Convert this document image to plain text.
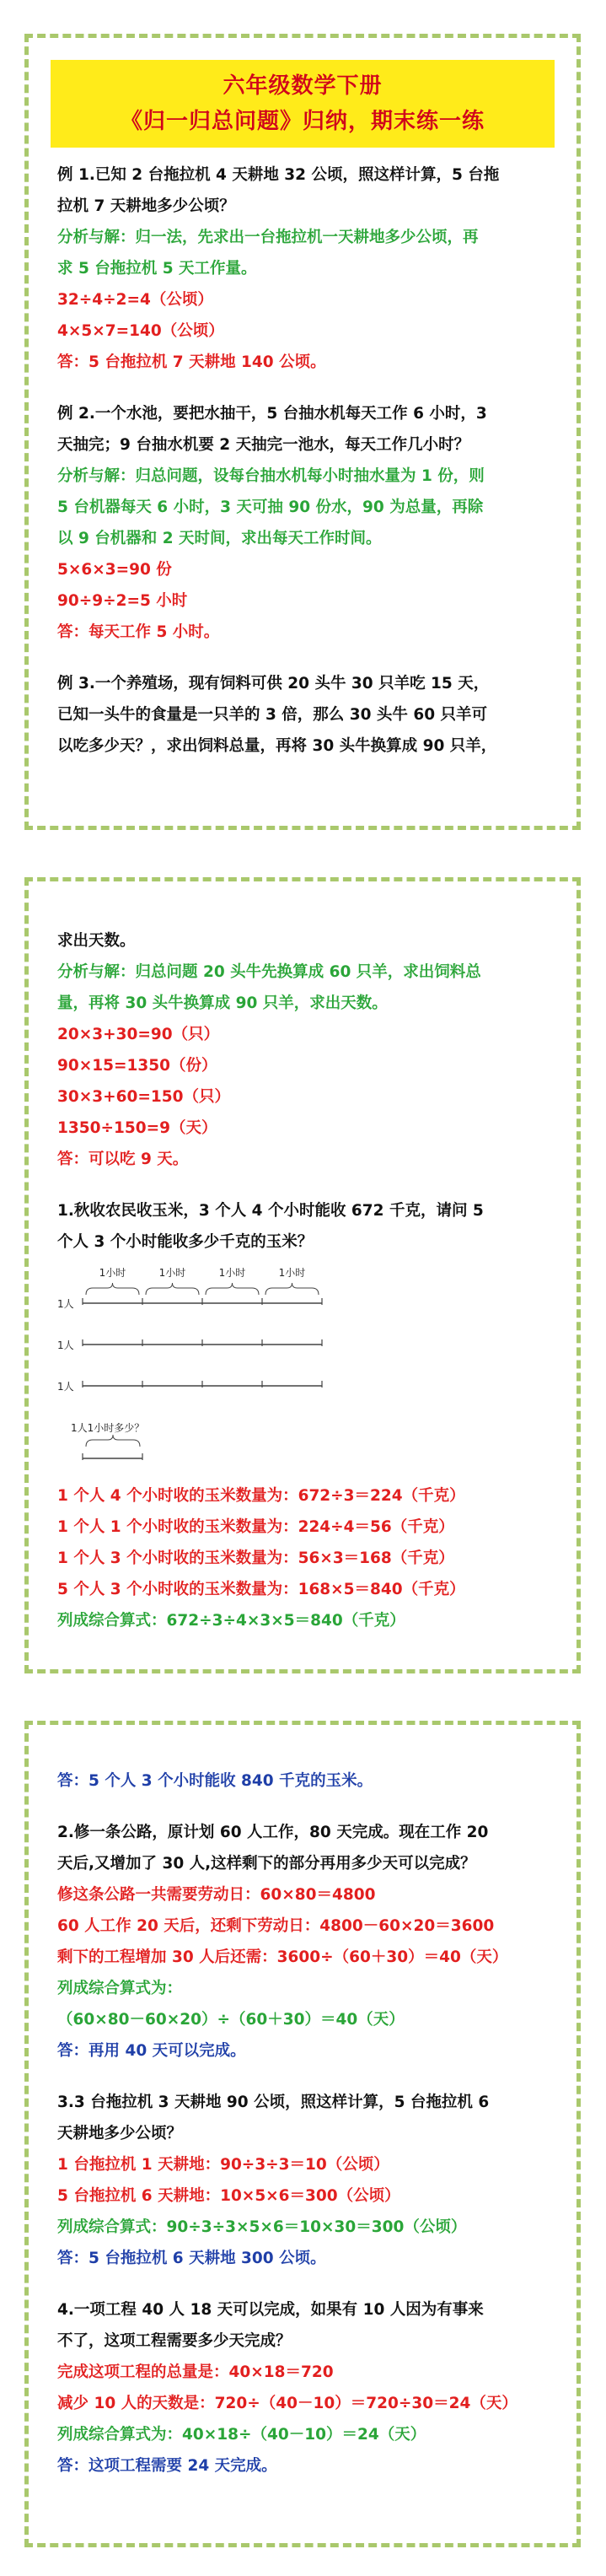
六年级数学下册
《归一归总问题》归纳，期末练一练
例 1.已知 2 台拖拉机 4 天耕地 32 公顷，照这样计算，5 台拖
拉机 7 天耕地多少公顷？
分析与解：归一法，先求出一台拖拉机一天耕地多少公顷，再
求 5 台拖拉机 5 天工作量。
32÷4÷2=4（公顷）
4×5×7=140（公顷）
答：5 台拖拉机 7 天耕地 140 公顷。
例 2.一个水池，要把水抽干，5 台抽水机每天工作 6 小时，3
天抽完；9 台抽水机要 2 天抽完一池水，每天工作几小时？
分析与解：归总问题，设每台抽水机每小时抽水量为 1 份，则
5 台机器每天 6 小时，3 天可抽 90 份水，90 为总量，再除
以 9 台机器和 2 天时间，求出每天工作时间。
5×6×3=90 份
90÷9÷2=5 小时
答：每天工作 5 小时。
例 3.一个养殖场，现有饲料可供 20 头牛 30 只羊吃 15 天，
已知一头牛的食量是一只羊的 3 倍，那么 30 头牛 60 只羊可
以吃多少天？，求出饲料总量，再将 30 头牛换算成 90 只羊，
求出天数。
分析与解：归总问题 20 头牛先换算成 60 只羊，求出饲料总
量，再将 30 头牛换算成 90 只羊，求出天数。
20×3+30=90（只）
90×15=1350（份）
30×3+60=150（只）
1350÷150=9（天）
答：可以吃 9 天。
1.秋收农民收玉米，3 个人 4 个小时能收 672 千克，请问 5
个人 3 个小时能收多少千克的玉米？
1小时	1小时	1小时	1小时
1人
1人
1人
1人1小时多少？
1 个人 4 个小时收的玉米数量为：672÷3＝224（千克）
1 个人 1 个小时收的玉米数量为：224÷4＝56（千克）
1 个人 3 个小时收的玉米数量为：56×3＝168（千克）
5 个人 3 个小时收的玉米数量为：168×5＝840（千克）
列成综合算式：672÷3÷4×3×5＝840（千克）
答：5 个人 3 个小时能收 840 千克的玉米。
2.修一条公路，原计划 60 人工作，80 天完成。现在工作 20
天后,又增加了 30 人,这样剩下的部分再用多少天可以完成？
修这条公路一共需要劳动日：60×80＝4800
60 人工作 20 天后，还剩下劳动日：4800－60×20＝3600
剩下的工程增加 30 人后还需：3600÷（60＋30）＝40（天）
列成综合算式为：
（60×80－60×20）÷（60＋30）＝40（天）
答：再用 40 天可以完成。
3.3 台拖拉机 3 天耕地 90 公顷，照这样计算，5 台拖拉机 6
天耕地多少公顷？
1 台拖拉机 1 天耕地：90÷3÷3＝10（公顷）
5 台拖拉机 6 天耕地：10×5×6＝300（公顷）
列成综合算式：90÷3÷3×5×6＝10×30＝300（公顷）
答：5 台拖拉机 6 天耕地 300 公顷。
4.一项工程 40 人 18 天可以完成，如果有 10 人因为有事来
不了，这项工程需要多少天完成？
完成这项工程的总量是：40×18＝720
减少 10 人的天数是：720÷（40－10）＝720÷30＝24（天）
列成综合算式为：40×18÷（40－10）＝24（天）
答：这项工程需要 24 天完成。
